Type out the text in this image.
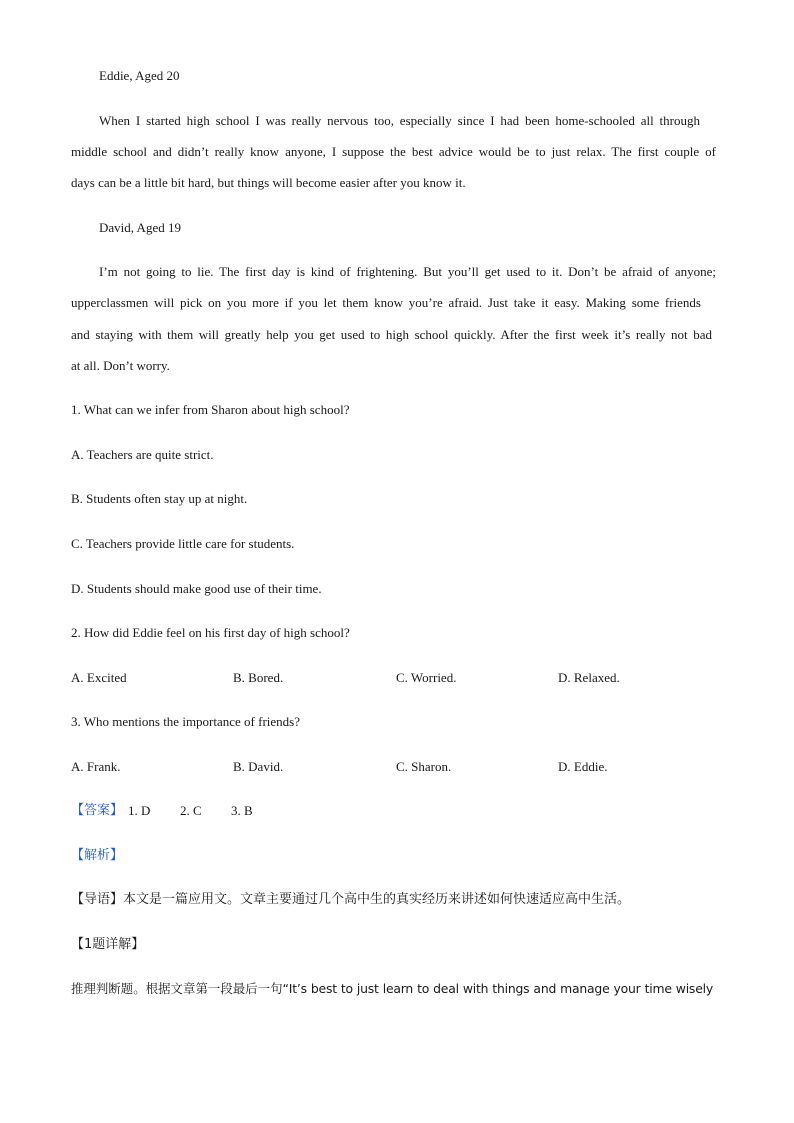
Eddie, Aged 20
When I started high school I was really nervous too, especially since I had been home-schooled all through
middle school and didn’t really know anyone, I suppose the best advice would be to just relax. The first couple of
days can be a little bit hard, but things will become easier after you know it.
David, Aged 19
I’m not going to lie. The first day is kind of frightening. But you’ll get used to it. Don’t be afraid of anyone;
upperclassmen will pick on you more if you let them know you’re afraid. Just take it easy. Making some friends
and staying with them will greatly help you get used to high school quickly. After the first week it’s really not bad
at all. Don’t worry.
1. What can we infer from Sharon about high school?
A. Teachers are quite strict.
B. Students often stay up at night.
C. Teachers provide little care for students.
D. Students should make good use of their time.
2. How did Eddie feel on his first day of high school?
A. Excited	B. Bored.	C. Worried.	D. Relaxed.
3. Who mentions the importance of friends?
A. Frank.	B. David.	C. Sharon.	D. Eddie.
【答案】 1. D 2. C 3. B
【解析】
【导语】本文是一篇应用文。文章主要通过几个高中生的真实经历来讲述如何快速适应高中生活。
【1题详解】
推理判断题。根据文章第一段最后一句“It’s best to just learn to deal with things and manage your time wisely
